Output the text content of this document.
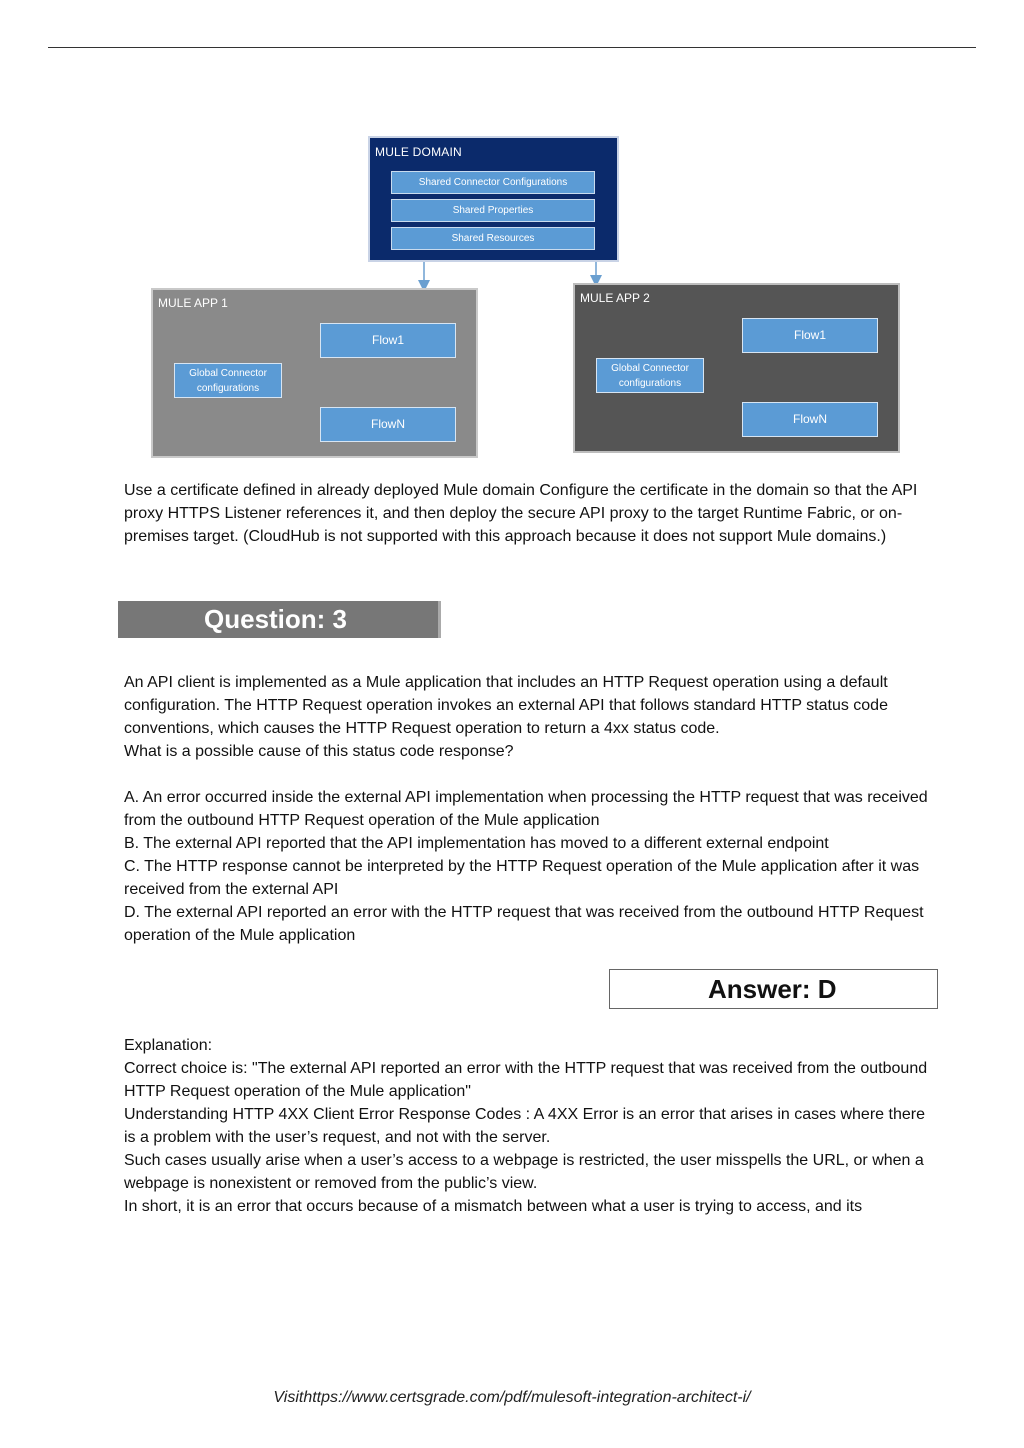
MULE DOMAIN
Shared Connector Configurations
Shared Properties
Shared Resources
MULE APP 1
Flow1
FlowN
Global Connector
configurations
MULE APP 2
Flow1
FlowN
Global Connector
configurations

Use a certificate defined in already deployed Mule domain Configure the certificate in the domain so that the API proxy HTTPS Listener references it, and then deploy the secure API proxy to the target Runtime Fabric, or on-premises target. (CloudHub is not supported with this approach because it does not support Mule domains.)

Question: 3

An API client is implemented as a Mule application that includes an HTTP Request operation using a default configuration. The HTTP Request operation invokes an external API that follows standard HTTP status code conventions, which causes the HTTP Request operation to return a 4xx status code.

What is a possible cause of this status code response?

A. An error occurred inside the external API implementation when processing the HTTP request that was received from the outbound HTTP Request operation of the Mule application

B. The external API reported that the API implementation has moved to a different external endpoint

C. The HTTP response cannot be interpreted by the HTTP Request operation of the Mule application after it was received from the external API

D. The external API reported an error with the HTTP request that was received from the outbound HTTP Request operation of the Mule application

Answer: D

Explanation:

Correct choice is: "The external API reported an error with the HTTP request that was received from the outbound HTTP Request operation of the Mule application"

Understanding HTTP 4XX Client Error Response Codes : A 4XX Error is an error that arises in cases where there is a problem with the user’s request, and not with the server.

Such cases usually arise when a user’s access to a webpage is restricted, the user misspells the URL, or when a webpage is nonexistent or removed from the public’s view.

In short, it is an error that occurs because of a mismatch between what a user is trying to access, and its

Visithttps://www.certsgrade.com/pdf/mulesoft-integration-architect-i/
